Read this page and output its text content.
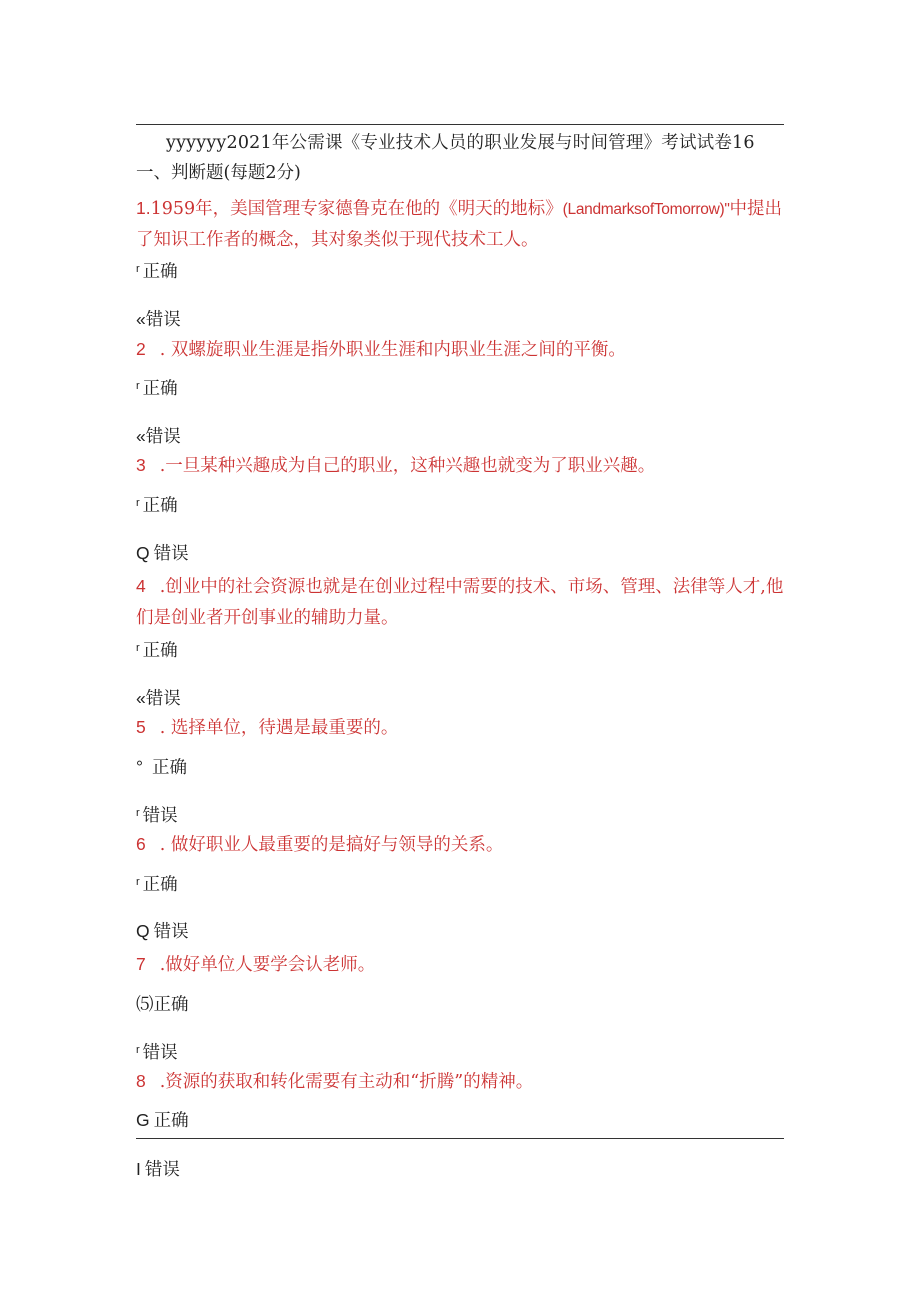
yyyyyy2021年公需课《专业技术人员的职业发展与时间管理》考试试卷16
一、判断题(每题2分)
1.1959年，美国管理专家德鲁克在他的《明天的地标》(LandmarksofTomorrow)"中提出了知识工作者的概念，其对象类似于现代技术工人。
r 正确
«错误
2 . 双螺旋职业生涯是指外职业生涯和内职业生涯之间的平衡。
r 正确
«错误
3 .一旦某种兴趣成为自己的职业，这种兴趣也就变为了职业兴趣。
r 正确
Q 错误
4 .创业中的社会资源也就是在创业过程中需要的技术、市场、管理、法律等人才,他们是创业者开创事业的辅助力量。
r 正确
«错误
5 . 选择单位，待遇是最重要的。
° 正确
r 错误
6 . 做好职业人最重要的是搞好与领导的关系。
r 正确
Q 错误
7 .做好单位人要学会认老师。
⑸正确
r 错误
8 .资源的获取和转化需要有主动和“折腾”的精神。
G 正确
I 错误
